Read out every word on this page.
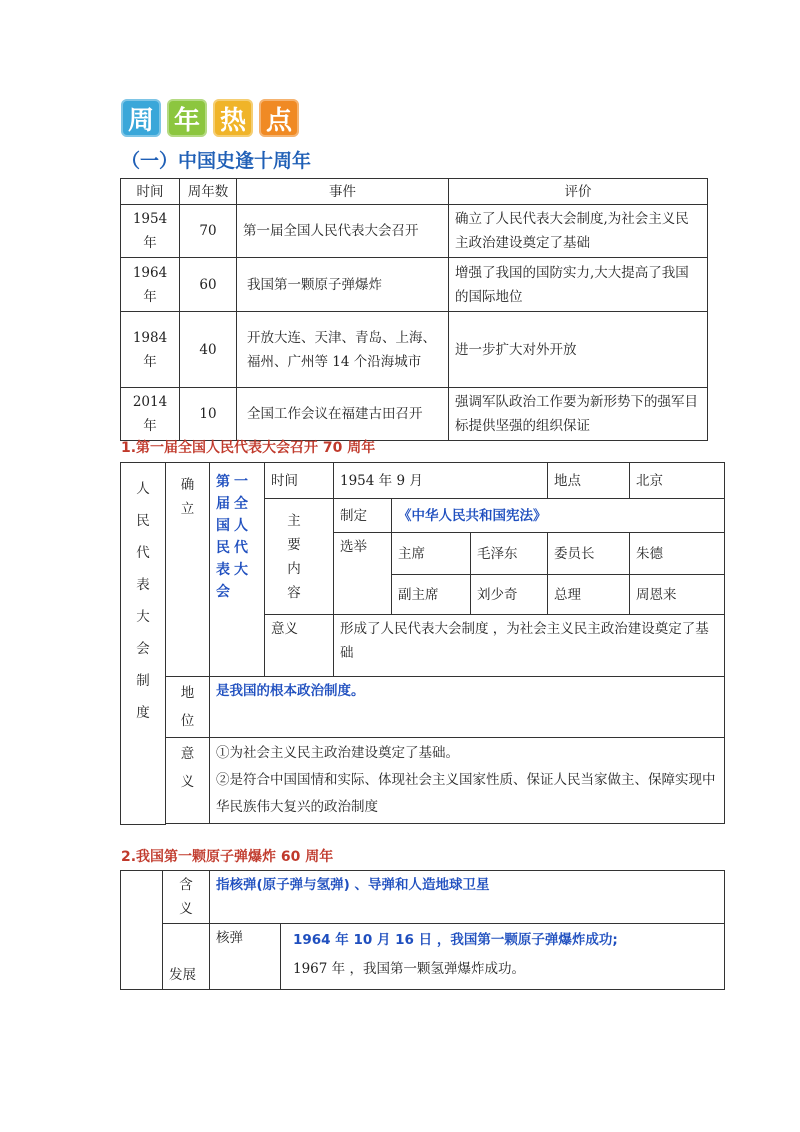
周 年 热 点
（一）中国史逢十周年
时间	周年数	事件	评价
1954 年	70	第一届全国人民代表大会召开	确立了人民代表大会制度,为社会主义民主政治建设奠定了基础
1964 年	60	我国第一颗原子弹爆炸	增强了我国的国防实力,大大提高了我国的国际地位
1984 年	40	开放大连、天津、青岛、上海、福州、广州等 14 个沿海城市	进一步扩大对外开放
2014 年	10	全国工作会议在福建古田召开	强调军队政治工作要为新形势下的强军目标提供坚强的组织保证
1.第一届全国人民代表大会召开 70 周年
人民代表大会制度	确立	第一届全国人民代表大会	时间	1954 年 9 月			地点	北京

			主要内容	制定	《中华人民共和国宪法》			
				选举	主席	毛泽东	委员长	朱德
					副主席	刘少奇	总理	周恩来
			意义	形成了人民代表大会制度 ，为社会主义民主政治建设奠定了基础				

	地位	是我国的根本政治制度。						

	意义	①为社会主义民主政治建设奠定了基础。

②是符合中国国情和实际、体现社会主义国家性质、保证人民当家做主、保障实现中华民族伟大复兴的政治制度						

2.我国第一颗原子弹爆炸 60 周年

	含义	指核弹(原子弹与氢弹) 、导弹和人造地球卫星	
	发展	核弹	1964 年 10 月 16 日 ，我国第一颗原子弹爆炸成功;

1967 年 ，我国第一颗氢弹爆炸成功。
